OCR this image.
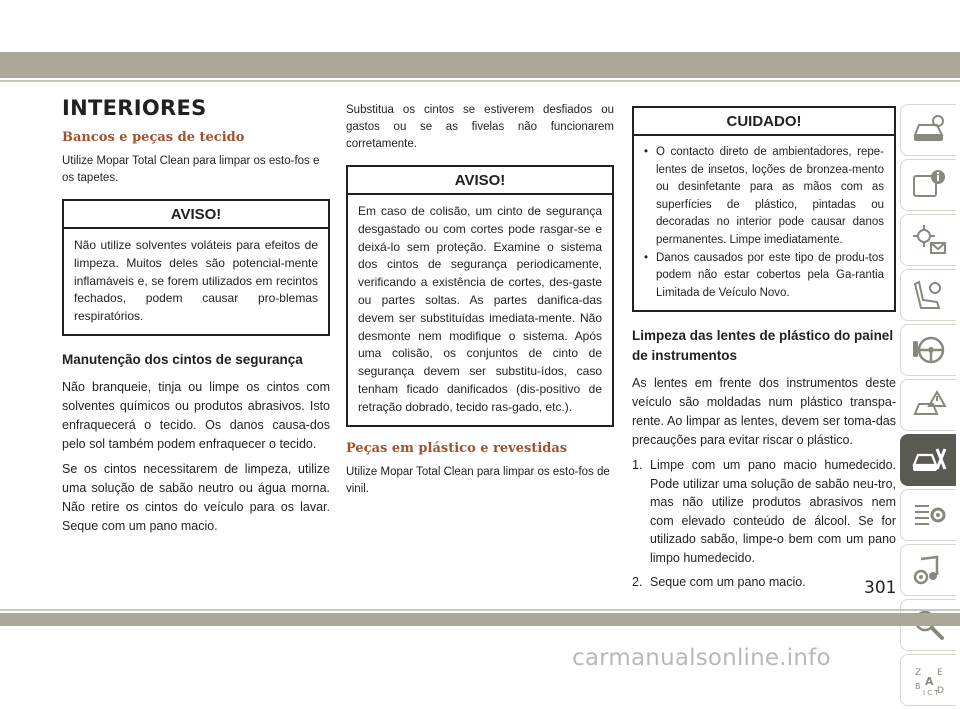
INTERIORES
Bancos e peças de tecido

Utilize Mopar Total Clean para limpar os esto-fos e os tapetes.

AVISO!
Não utilize solventes voláteis para efeitos de limpeza. Muitos deles são potencial-mente inflamáveis e, se forem utilizados em recintos fechados, podem causar pro-blemas respiratórios.
Manutenção dos cintos de segurança

Não branqueie, tinja ou limpe os cintos com solventes químicos ou produtos abrasivos. Isto enfraquecerá o tecido. Os danos causa-dos pelo sol também podem enfraquecer o tecido.

Se os cintos necessitarem de limpeza, utilize uma solução de sabão neutro ou água morna. Não retire os cintos do veículo para os lavar. Seque com um pano macio.

Substitua os cintos se estiverem desfiados ou gastos ou se as fivelas não funcionarem corretamente.

AVISO!
Em caso de colisão, um cinto de segurança desgastado ou com cortes pode rasgar-se e deixá-lo sem proteção. Examine o sistema dos cintos de segurança periodicamente, verificando a existência de cortes, des-gaste ou partes soltas. As partes danifica-das devem ser substituídas imediata-mente. Não desmonte nem modifique o sistema. Após uma colisão, os conjuntos de cinto de segurança devem ser substitu-ídos, caso tenham ficado danificados (dis-positivo de retração dobrado, tecido ras-gado, etc.).
Peças em plástico e revestidas

Utilize Mopar Total Clean para limpar os esto-fos de vinil.

CUIDADO!
• O contacto direto de ambientadores, repe-lentes de insetos, loções de bronzea-mento ou desinfetante para as mãos com as superfícies de plástico, pintadas ou decoradas no interior pode causar danos permanentes. Limpe imediatamente.
• Danos causados por este tipo de produ-tos podem não estar cobertos pela Ga-rantia Limitada de Veículo Novo.
Limpeza das lentes de plástico do painel de instrumentos

As lentes em frente dos instrumentos deste veículo são moldadas num plástico transpa-rente. Ao limpar as lentes, devem ser toma-das precauções para evitar riscar o plástico.

1. Limpe com um pano macio humedecido. Pode utilizar uma solução de sabão neu-tro, mas não utilize produtos abrasivos nem com elevado conteúdo de álcool. Se for utilizado sabão, limpe-o bem com um pano limpo humedecido.
2. Seque com um pano macio.
Z E
A
B D
I C T
301
carmanualsonline.info
